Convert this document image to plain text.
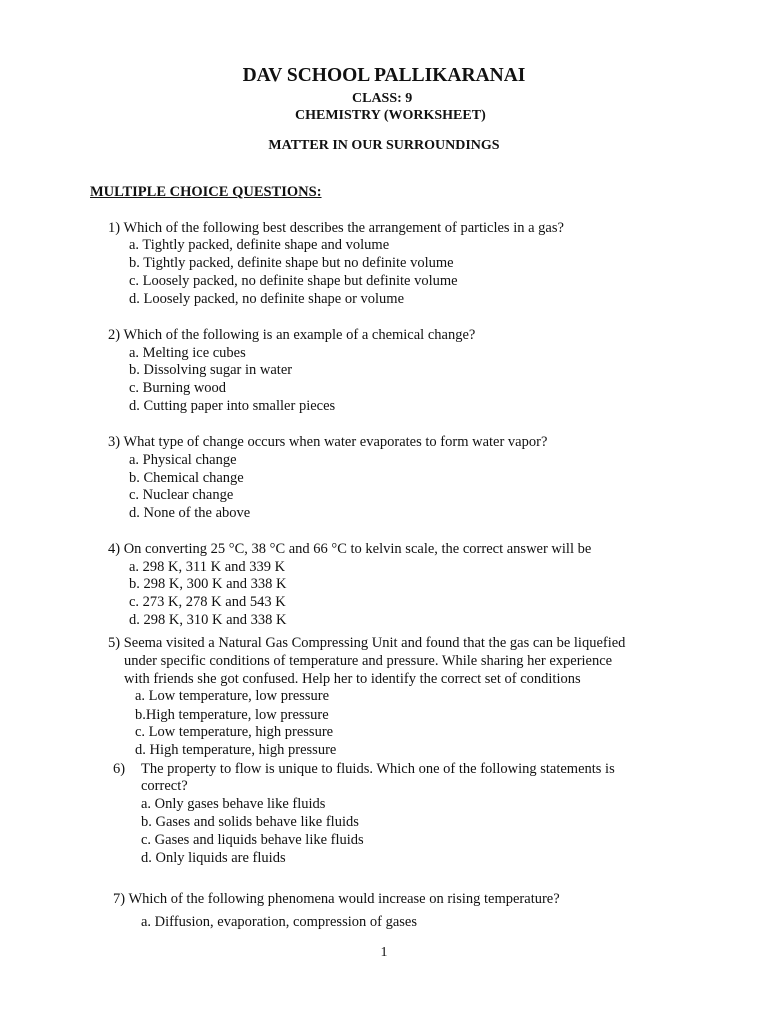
DAV SCHOOL PALLIKARANAI
CLASS: 9
CHEMISTRY (WORKSHEET)
MATTER IN OUR SURROUNDINGS
MULTIPLE CHOICE QUESTIONS:
1) Which of the following best describes the arrangement of particles in a gas?
a. Tightly packed, definite shape and volume
b. Tightly packed, definite shape but no definite volume
c. Loosely packed, no definite shape but definite volume
d. Loosely packed, no definite shape or volume
2) Which of the following is an example of a chemical change?
a. Melting ice cubes
b. Dissolving sugar in water
c. Burning wood
d. Cutting paper into smaller pieces
3) What type of change occurs when water evaporates to form water vapor?
a. Physical change
b. Chemical change
c. Nuclear change
d. None of the above
4) On converting 25 °C, 38 °C and 66 °C to kelvin scale, the correct answer will be
a. 298 K, 311 K and 339 K
b. 298 K, 300 K and 338 K
c. 273 K, 278 K and 543 K
d. 298 K, 310 K and 338 K
5) Seema visited a Natural Gas Compressing Unit and found that the gas can be liquefied
under specific conditions of temperature and pressure. While sharing her experience
with friends she got confused. Help her to identify the correct set of conditions
a. Low temperature, low pressure
b.High temperature, low pressure
c. Low temperature, high pressure
d. High temperature, high pressure
6) The property to flow is unique to fluids. Which one of the following statements is
correct?
a. Only gases behave like fluids
b. Gases and solids behave like fluids
c. Gases and liquids behave like fluids
d. Only liquids are fluids
7) Which of the following phenomena would increase on rising temperature?
a. Diffusion, evaporation, compression of gases
1
